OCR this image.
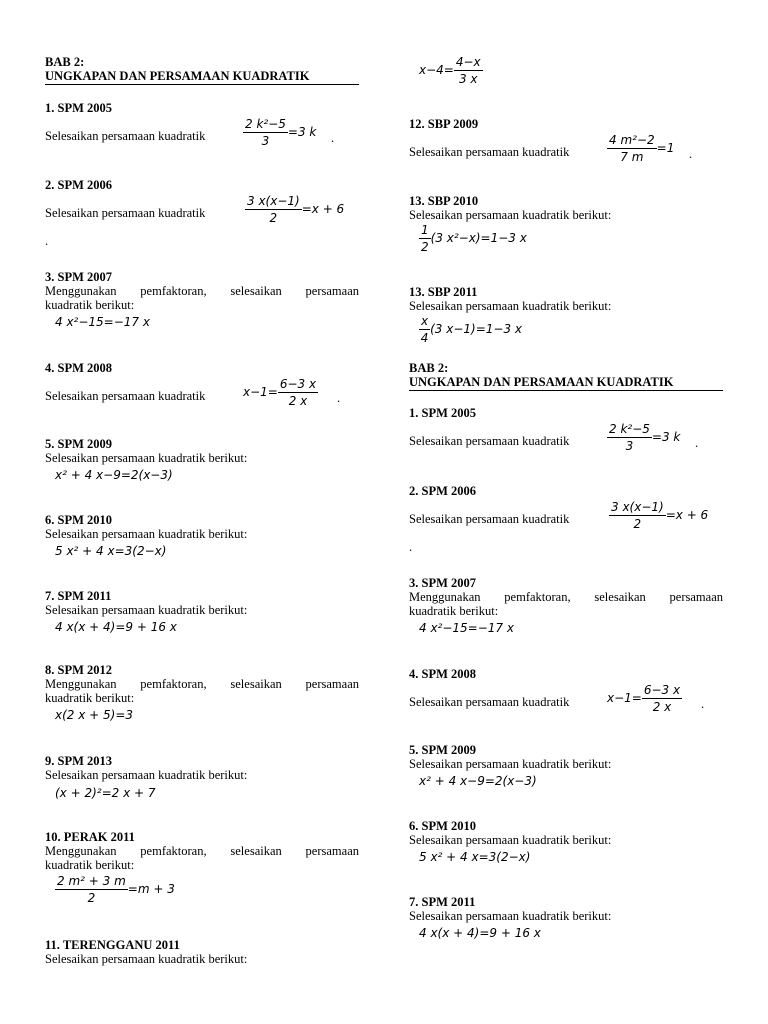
BAB 2:
UNGKAPAN DAN PERSAMAAN KUADRATIK
1. SPM 2005
Selesaikan persamaan kuadratik	$\frac{\text{2 k²−5}}{3} =3$ k .
2. SPM 2006
Selesaikan persamaan kuadratik	$\frac{3 x(x-1)}{2} =x + 6$
.
3. SPM 2007
Menggunakan pemfaktoran, selesaikan persamaan
kuadratik berikut:
4 x²−15=−17 x
4. SPM 2008
Selesaikan persamaan kuadratik	$x-1= \frac{6-3 x}{2 x}$ .
5. SPM 2009
Selesaikan persamaan kuadratik berikut:
x² + 4 x−9=2(x−3)
6. SPM 2010
Selesaikan persamaan kuadratik berikut:
5 x² + 4 x=3(2−x)
7. SPM 2011
Selesaikan persamaan kuadratik berikut:
4 x(x + 4)=9 + 16 x
8. SPM 2012
Menggunakan pemfaktoran, selesaikan persamaan
kuadratik berikut:
x(2 x + 5)=3
9. SPM 2013
Selesaikan persamaan kuadratik berikut:
(x + 2)²=2 x + 7
10. PERAK 2011
Menggunakan pemfaktoran, selesaikan persamaan
kuadratik berikut:
$\frac{\text{2 m² + 3 m}}{2} =m + 3$
11. TERENGGANU 2011
Selesaikan persamaan kuadratik berikut:
$x-4= \frac{4-x}{3 x}$
12. SBP 2009
Selesaikan persamaan kuadratik	$\frac{\text{4 m²−2}}{7 m} =1$ .
13. SBP 2010
Selesaikan persamaan kuadratik berikut:
$\frac{1}{2} (3$ x²−x)=1−3 x
13. SBP 2011
Selesaikan persamaan kuadratik berikut:
$\frac{x}{4} (3$ x−1)=1−3 x
BAB 2:
UNGKAPAN DAN PERSAMAAN KUADRATIK
1. SPM 2005
Selesaikan persamaan kuadratik	$\frac{\text{2 k²−5}}{3} =3$ k .
2. SPM 2006
Selesaikan persamaan kuadratik	$\frac{3 x(x-1)}{2} =x + 6$
.
3. SPM 2007
Menggunakan pemfaktoran, selesaikan persamaan
kuadratik berikut:
4 x²−15=−17 x
4. SPM 2008
Selesaikan persamaan kuadratik	$x-1= \frac{6-3 x}{2 x}$ .
5. SPM 2009
Selesaikan persamaan kuadratik berikut:
x² + 4 x−9=2(x−3)
6. SPM 2010
Selesaikan persamaan kuadratik berikut:
5 x² + 4 x=3(2−x)
7. SPM 2011
Selesaikan persamaan kuadratik berikut:
4 x(x + 4)=9 + 16 x
